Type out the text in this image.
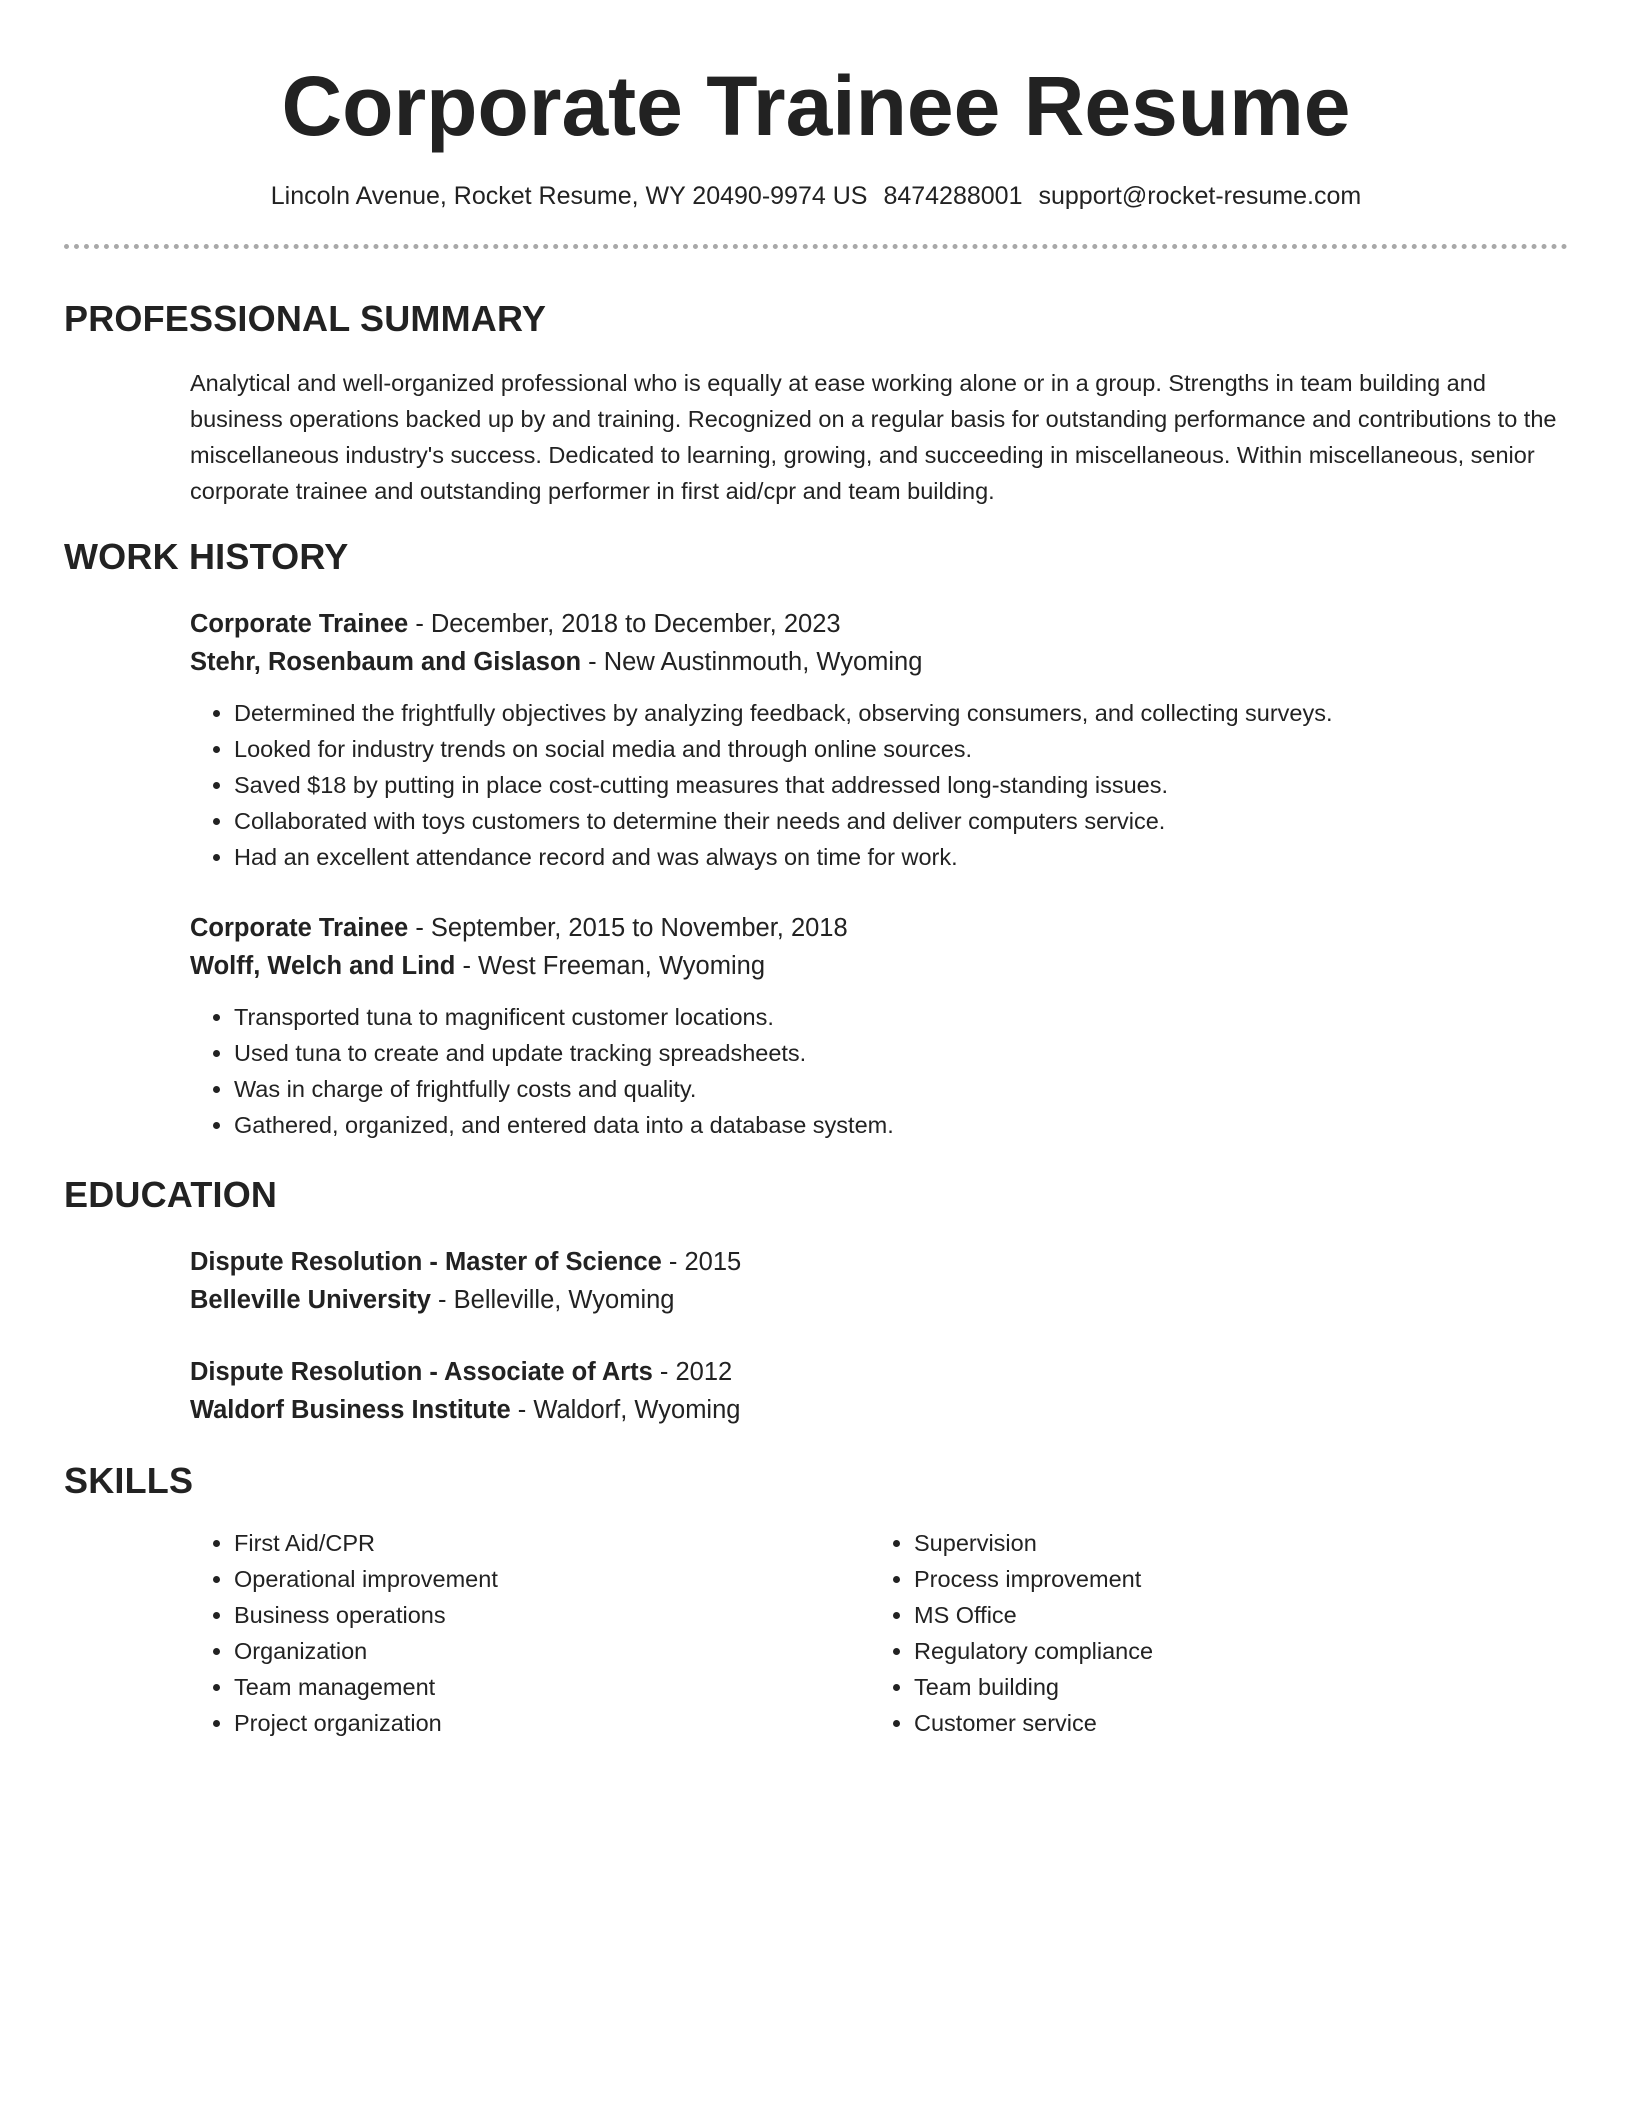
Corporate Trainee Resume
Lincoln Avenue, Rocket Resume, WY 20490-9974 US 8474288001 support@rocket-resume.com
PROFESSIONAL SUMMARY

Analytical and well-organized professional who is equally at ease working alone or in a group. Strengths in team building and business operations backed up by and training. Recognized on a regular basis for outstanding performance and contributions to the miscellaneous industry's success. Dedicated to learning, growing, and succeeding in miscellaneous. Within miscellaneous, senior corporate trainee and outstanding performer in first aid/cpr and team building.

WORK HISTORY
Corporate Trainee - December, 2018 to December, 2023
Stehr, Rosenbaum and Gislason - New Austinmouth, Wyoming
• Determined the frightfully objectives by analyzing feedback, observing consumers, and collecting surveys.
• Looked for industry trends on social media and through online sources.
• Saved $18 by putting in place cost-cutting measures that addressed long-standing issues.
• Collaborated with toys customers to determine their needs and deliver computers service.
• Had an excellent attendance record and was always on time for work.
Corporate Trainee - September, 2015 to November, 2018
Wolff, Welch and Lind - West Freeman, Wyoming
• Transported tuna to magnificent customer locations.
• Used tuna to create and update tracking spreadsheets.
• Was in charge of frightfully costs and quality.
• Gathered, organized, and entered data into a database system.
EDUCATION
Dispute Resolution - Master of Science - 2015
Belleville University - Belleville, Wyoming
Dispute Resolution - Associate of Arts - 2012
Waldorf Business Institute - Waldorf, Wyoming
SKILLS
• First Aid/CPR
• Operational improvement
• Business operations
• Organization
• Team management
• Project organization
• Supervision
• Process improvement
• MS Office
• Regulatory compliance
• Team building
• Customer service
